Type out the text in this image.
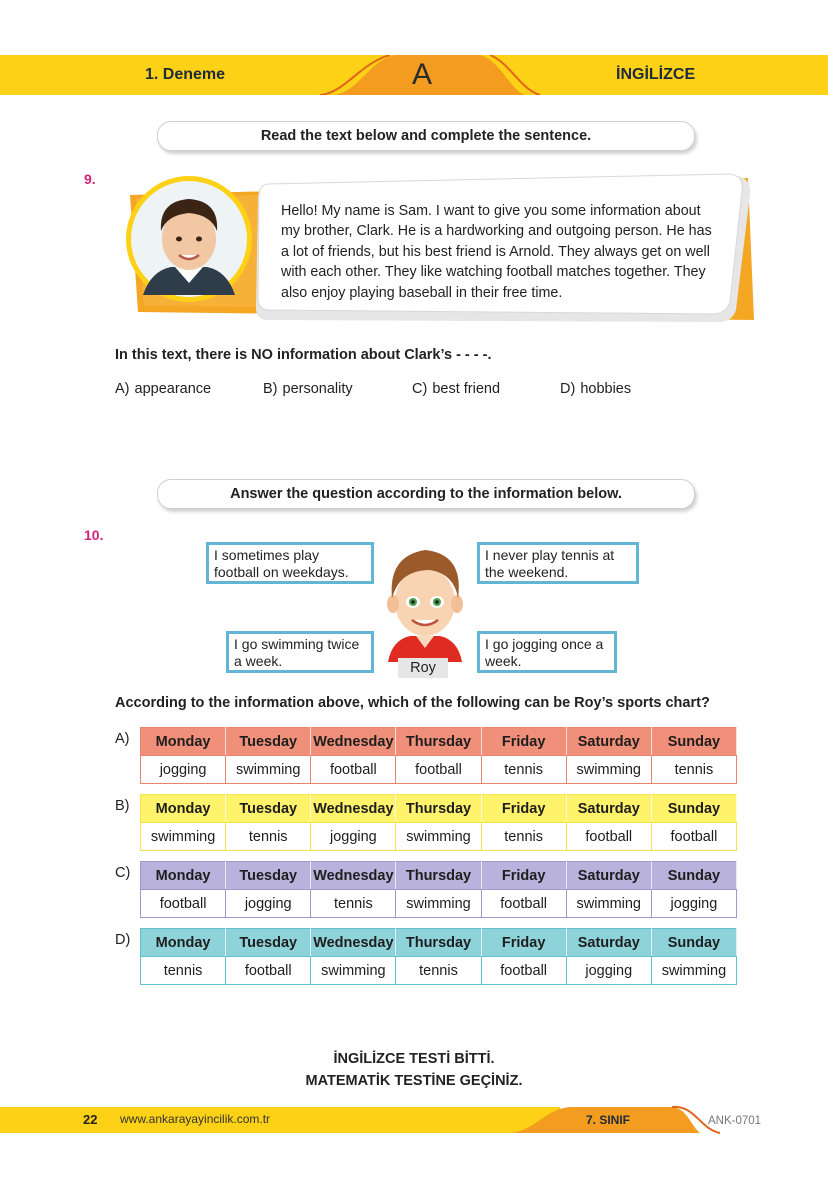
1. Deneme	A	İNGİLİZCE
Read the text below and complete the sentence.
9.
Hello! My name is Sam. I want to give you some information about
my brother, Clark. He is a hardworking and outgoing person. He has
a lot of friends, but his best friend is Arnold. They always get on well
with each other. They like watching football matches together. They
also enjoy playing baseball in their free time.
In this text, there is NO information about Clark’s - - - -.
A) appearance	B) personality	C) best friend	D) hobbies
Answer the question according to the information below.
10.
I sometimes play
football on weekdays.
I never play tennis at
the weekend.
I go swimming twice
a week.
I go jogging once a
week.
Roy
According to the information above, which of the following can be Roy’s sports chart?
A) Monday	Tuesday	Wednesday	Thursday	Friday	Saturday	Sunday
jogging	swimming	football	football	tennis	swimming	tennis
B) Monday	Tuesday	Wednesday	Thursday	Friday	Saturday	Sunday
swimming	tennis	jogging	swimming	tennis	football	football
C) Monday	Tuesday	Wednesday	Thursday	Friday	Saturday	Sunday
football	jogging	tennis	swimming	football	swimming	jogging
D) Monday	Tuesday	Wednesday	Thursday	Friday	Saturday	Sunday
tennis	football	swimming	tennis	football	jogging	swimming
İNGİLİZCE TESTİ BİTTİ.
MATEMATİK TESTİNE GEÇİNİZ.
22 www.ankarayayincilik.com.tr	7. SINIF	ANK-0701
